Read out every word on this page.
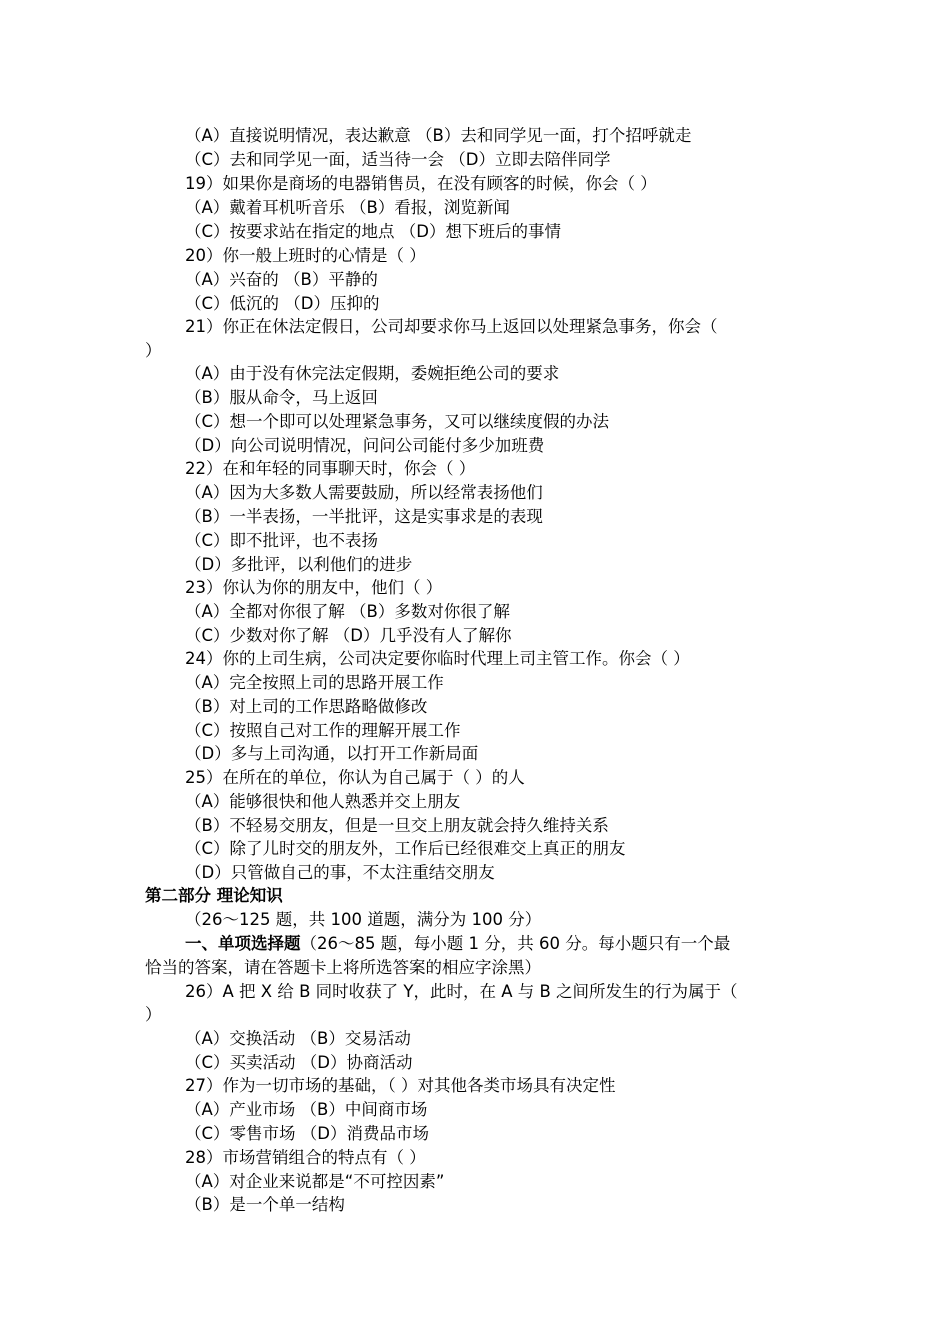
（A）直接说明情况，表达歉意 （B）去和同学见一面，打个招呼就走
（C）去和同学见一面，适当待一会 （D）立即去陪伴同学
19）如果你是商场的电器销售员，在没有顾客的时候，你会（ ）
（A）戴着耳机听音乐 （B）看报，浏览新闻
（C）按要求站在指定的地点 （D）想下班后的事情
20）你一般上班时的心情是（ ）
（A）兴奋的 （B）平静的
（C）低沉的 （D）压抑的
21）你正在休法定假日，公司却要求你马上返回以处理紧急事务，你会（
）
（A）由于没有休完法定假期，委婉拒绝公司的要求
（B）服从命令，马上返回
（C）想一个即可以处理紧急事务，又可以继续度假的办法
（D）向公司说明情况，问问公司能付多少加班费
22）在和年轻的同事聊天时，你会（ ）
（A）因为大多数人需要鼓励，所以经常表扬他们
（B）一半表扬，一半批评，这是实事求是的表现
（C）即不批评，也不表扬
（D）多批评，以利他们的进步
23）你认为你的朋友中，他们（ ）
（A）全都对你很了解 （B）多数对你很了解
（C）少数对你了解 （D）几乎没有人了解你
24）你的上司生病，公司决定要你临时代理上司主管工作。你会（ ）
（A）完全按照上司的思路开展工作
（B）对上司的工作思路略做修改
（C）按照自己对工作的理解开展工作
（D）多与上司沟通，以打开工作新局面
25）在所在的单位，你认为自己属于（ ）的人
（A）能够很快和他人熟悉并交上朋友
（B）不轻易交朋友，但是一旦交上朋友就会持久维持关系
（C）除了儿时交的朋友外，工作后已经很难交上真正的朋友
（D）只管做自己的事，不太注重结交朋友
第二部分 理论知识
（26～125 题，共 100 道题，满分为 100 分）
一、单项选择题（26～85 题，每小题 1 分，共 60 分。每小题只有一个最
恰当的答案，请在答题卡上将所选答案的相应字涂黑）
26）A 把 X 给 B 同时收获了 Y，此时，在 A 与 B 之间所发生的行为属于（
）
（A）交换活动 （B）交易活动
（C）买卖活动 （D）协商活动
27）作为一切市场的基础，（ ）对其他各类市场具有决定性
（A）产业市场 （B）中间商市场
（C）零售市场 （D）消费品市场
28）市场营销组合的特点有（ ）
（A）对企业来说都是“不可控因素”
（B）是一个单一结构
